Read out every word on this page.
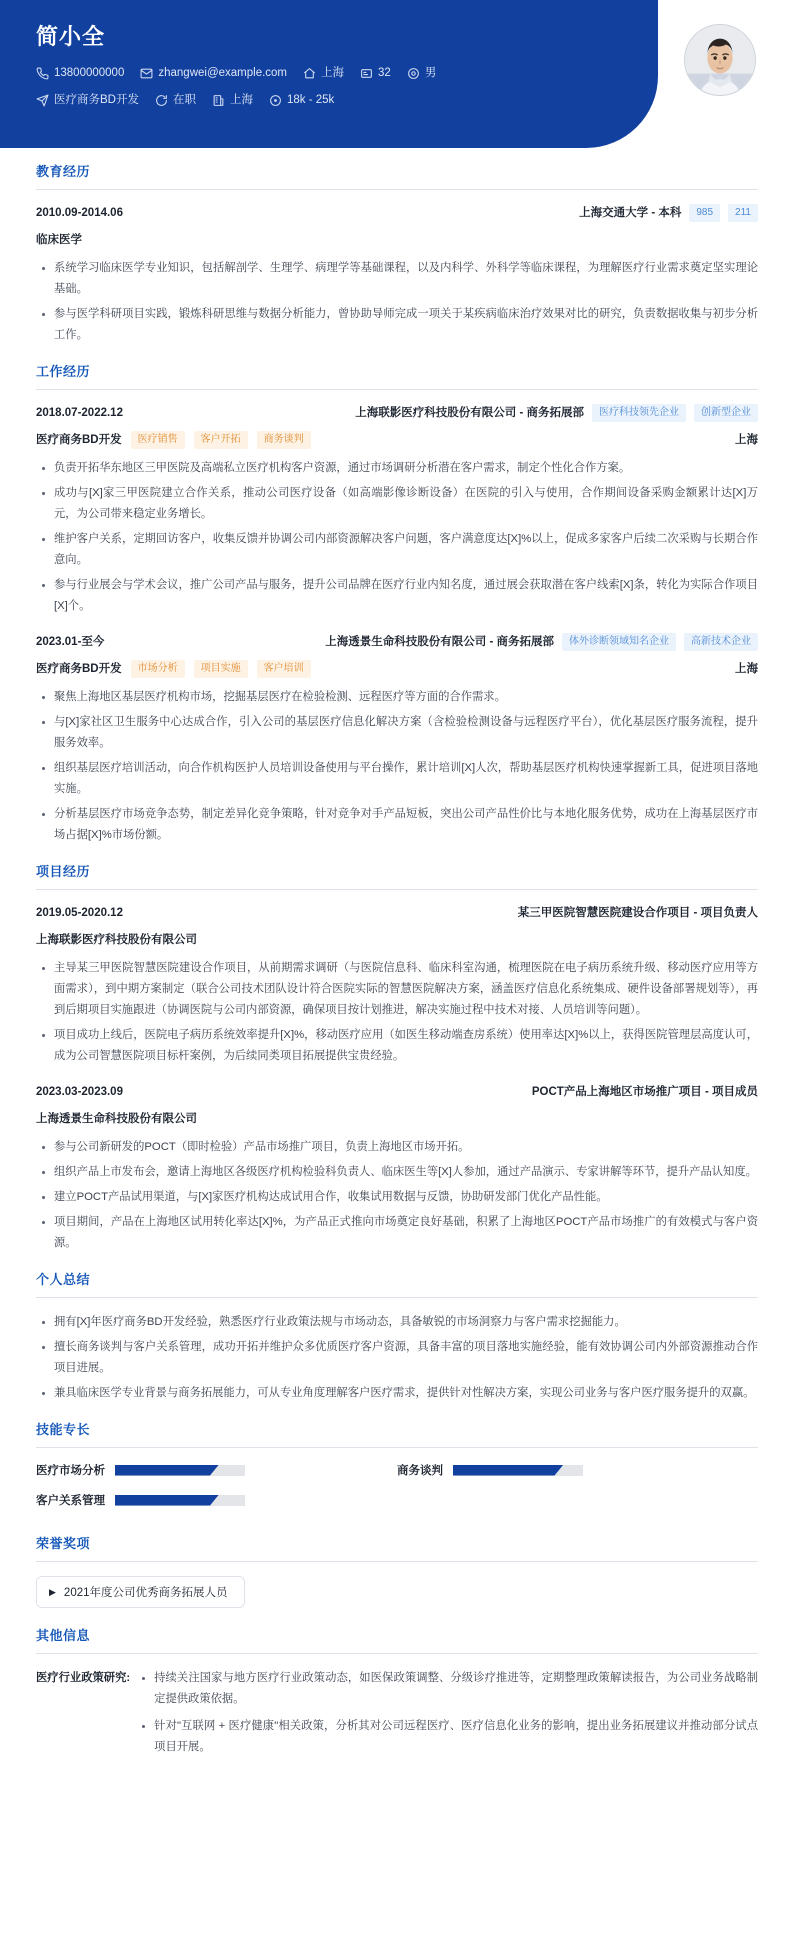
简小全
13800000000	zhangwei@example.com	上海	32	男
医疗商务BD开发	在职	上海	18k - 25k
教育经历
2010.09-2014.06	上海交通大学 - 本科	985	211
临床医学
系统学习临床医学专业知识，包括解剖学、生理学、病理学等基础课程，以及内科学、外科学等临床课程，为理解医疗行业需求奠定坚实理论基础。
参与医学科研项目实践，锻炼科研思维与数据分析能力，曾协助导师完成一项关于某疾病临床治疗效果对比的研究，负责数据收集与初步分析工作。
工作经历
2018.07-2022.12	上海联影医疗科技股份有限公司 - 商务拓展部	医疗科技领先企业	创新型企业
医疗商务BD开发	医疗销售	客户开拓	商务谈判	上海
负责开拓华东地区三甲医院及高端私立医疗机构客户资源，通过市场调研分析潜在客户需求，制定个性化合作方案。
成功与[X]家三甲医院建立合作关系，推动公司医疗设备（如高端影像诊断设备）在医院的引入与使用，合作期间设备采购金额累计达[X]万元，为公司带来稳定业务增长。
维护客户关系，定期回访客户，收集反馈并协调公司内部资源解决客户问题，客户满意度达[X]%以上，促成多家客户后续二次采购与长期合作意向。
参与行业展会与学术会议，推广公司产品与服务，提升公司品牌在医疗行业内知名度，通过展会获取潜在客户线索[X]条，转化为实际合作项目[X]个。
2023.01-至今	上海透景生命科技股份有限公司 - 商务拓展部	体外诊断领域知名企业	高新技术企业
医疗商务BD开发	市场分析	项目实施	客户培训	上海
聚焦上海地区基层医疗机构市场，挖掘基层医疗在检验检测、远程医疗等方面的合作需求。
与[X]家社区卫生服务中心达成合作，引入公司的基层医疗信息化解决方案（含检验检测设备与远程医疗平台），优化基层医疗服务流程，提升服务效率。
组织基层医疗培训活动，向合作机构医护人员培训设备使用与平台操作，累计培训[X]人次，帮助基层医疗机构快速掌握新工具，促进项目落地实施。
分析基层医疗市场竞争态势，制定差异化竞争策略，针对竞争对手产品短板，突出公司产品性价比与本地化服务优势，成功在上海基层医疗市场占据[X]%市场份额。
项目经历
2019.05-2020.12	某三甲医院智慧医院建设合作项目 - 项目负责人
上海联影医疗科技股份有限公司
主导某三甲医院智慧医院建设合作项目，从前期需求调研（与医院信息科、临床科室沟通，梳理医院在电子病历系统升级、移动医疗应用等方面需求），到中期方案制定（联合公司技术团队设计符合医院实际的智慧医院解决方案，涵盖医疗信息化系统集成、硬件设备部署规划等），再到后期项目实施跟进（协调医院与公司内部资源，确保项目按计划推进，解决实施过程中技术对接、人员培训等问题）。
项目成功上线后，医院电子病历系统效率提升[X]%，移动医疗应用（如医生移动端查房系统）使用率达[X]%以上，获得医院管理层高度认可，成为公司智慧医院项目标杆案例，为后续同类项目拓展提供宝贵经验。
2023.03-2023.09	POCT产品上海地区市场推广项目 - 项目成员
上海透景生命科技股份有限公司
参与公司新研发的POCT（即时检验）产品市场推广项目，负责上海地区市场开拓。
组织产品上市发布会，邀请上海地区各级医疗机构检验科负责人、临床医生等[X]人参加，通过产品演示、专家讲解等环节，提升产品认知度。
建立POCT产品试用渠道，与[X]家医疗机构达成试用合作，收集试用数据与反馈，协助研发部门优化产品性能。
项目期间，产品在上海地区试用转化率达[X]%，为产品正式推向市场奠定良好基础，积累了上海地区POCT产品市场推广的有效模式与客户资源。
个人总结
拥有[X]年医疗商务BD开发经验，熟悉医疗行业政策法规与市场动态，具备敏锐的市场洞察力与客户需求挖掘能力。
擅长商务谈判与客户关系管理，成功开拓并维护众多优质医疗客户资源，具备丰富的项目落地实施经验，能有效协调公司内外部资源推动合作项目进展。
兼具临床医学专业背景与商务拓展能力，可从专业角度理解客户医疗需求，提供针对性解决方案，实现公司业务与客户医疗服务提升的双赢。
技能专长
医疗市场分析	商务谈判
客户关系管理
荣誉奖项
▶ 2021年度公司优秀商务拓展人员
其他信息
医疗行业政策研究:	持续关注国家与地方医疗行业政策动态，如医保政策调整、分级诊疗推进等，定期整理政策解读报告，为公司业务战略制定提供政策依据。
针对"互联网 + 医疗健康"相关政策，分析其对公司远程医疗、医疗信息化业务的影响，提出业务拓展建议并推动部分试点项目开展。
